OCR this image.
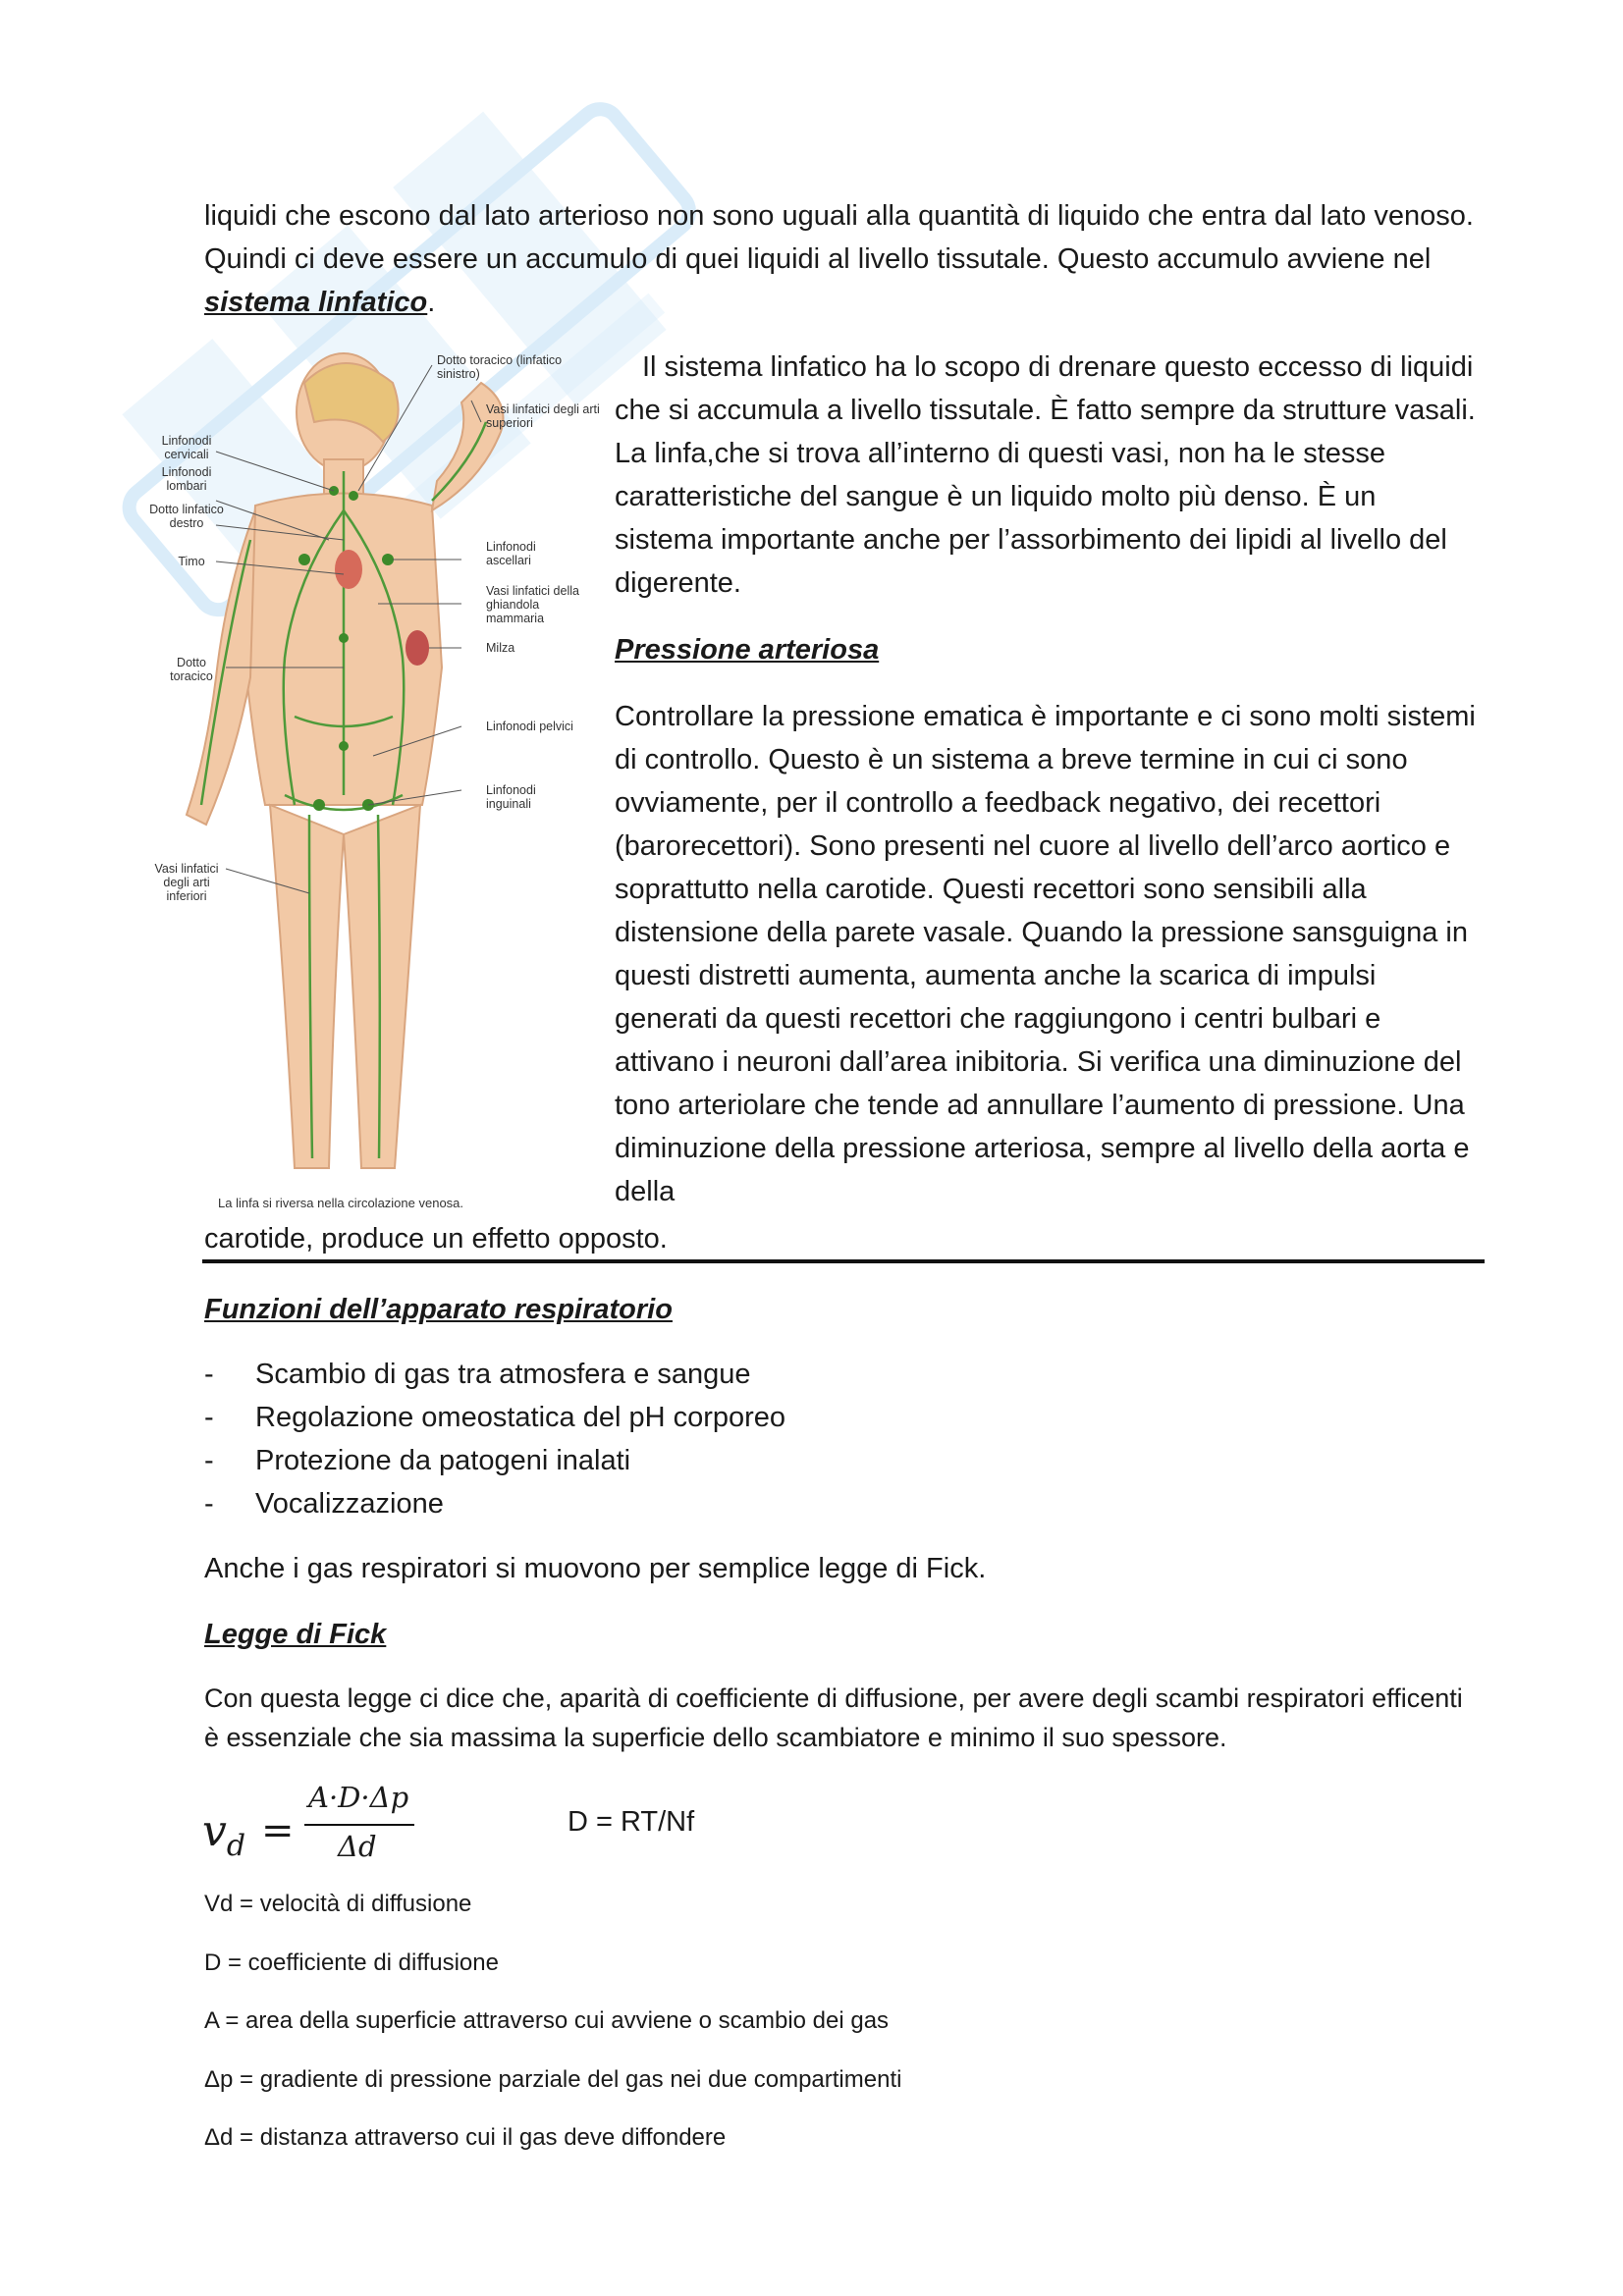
liquidi che escono dal lato arterioso non sono uguali alla quantità di liquido che entra dal lato venoso. Quindi ci deve essere un accumulo di quei liquidi al livello tissutale. Questo accumulo avviene nel sistema linfatico.

Dotto toracico (linfatico sinistro)
Vasi linfatici degli arti superiori
Linfonodi cervicali
Linfonodi lombari
Dotto linfatico destro
Timo
Linfonodi ascellari
Vasi linfatici della ghiandola mammaria
Dotto toracico
Milza
Linfonodi pelvici
Linfonodi inguinali
Vasi linfatici degli arti inferiori
La linfa si riversa nella circolazione venosa.

Il sistema linfatico ha lo scopo di drenare questo eccesso di liquidi che si accumula a livello tissutale. È fatto sempre da strutture vasali. La linfa,che si trova all’interno di questi vasi, non ha le stesse caratteristiche del sangue è un liquido molto più denso. È un sistema importante anche per l’assorbimento dei lipidi al livello del digerente.

Pressione arteriosa

Controllare la pressione ematica è importante e ci sono molti sistemi di controllo. Questo è un sistema a breve termine in cui ci sono ovviamente, per il controllo a feedback negativo, dei recettori (barorecettori). Sono presenti nel cuore al livello dell’arco aortico e soprattutto nella carotide. Questi recettori sono sensibili alla distensione della parete vasale. Quando la pressione sansguigna in questi distretti aumenta, aumenta anche la scarica di impulsi generati da questi recettori che raggiungono i centri bulbari e attivano i neuroni dall’area inibitoria. Si verifica una diminuzione del tono arteriolare che tende ad annullare l’aumento di pressione. Una diminuzione della pressione arteriosa, sempre al livello della aorta e della

carotide, produce un effetto opposto.

Funzioni dell’apparato respiratorio
- Scambio di gas tra atmosfera e sangue
- Regolazione omeostatica del pH corporeo
- Protezione da patogeni inalati
- Vocalizzazione

Anche i gas respiratori si muovono per semplice legge di Fick.

Legge di Fick

Con questa legge ci dice che, aparità di coefficiente di diffusione, per avere degli scambi respiratori efficenti è essenziale che sia massima la superficie dello scambiatore e minimo il suo spessore.

$v_d$ =
A·D·Δp
Δd
D = RT/Nf
Vd = velocità di diffusione
D = coefficiente di diffusione
A = area della superficie attraverso cui avviene o scambio dei gas
Δp = gradiente di pressione parziale del gas nei due compartimenti
Δd = distanza attraverso cui il gas deve diffondere
